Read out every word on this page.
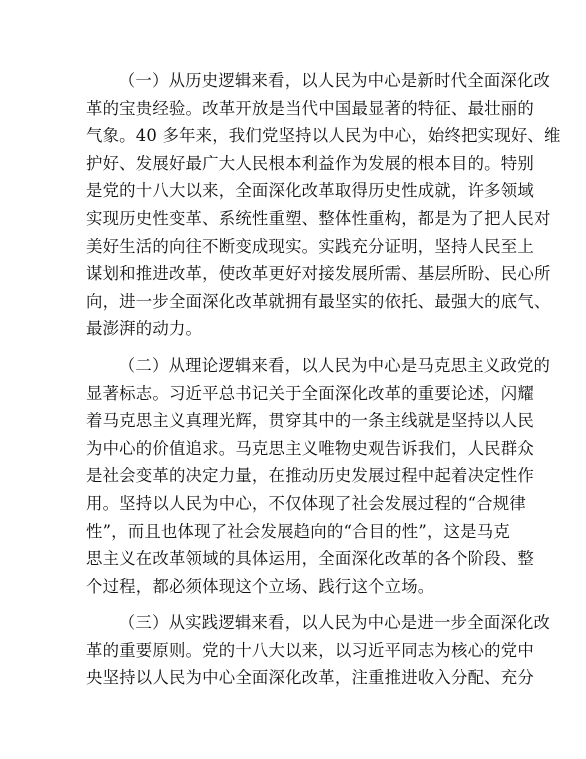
（一）从历史逻辑来看，以人民为中心是新时代全面深化改
革的宝贵经验。改革开放是当代中国最显著的特征、最壮丽的
气象。40 多年来，我们党坚持以人民为中心，始终把实现好、维
护好、发展好最广大人民根本利益作为发展的根本目的。特别
是党的十八大以来，全面深化改革取得历史性成就，许多领域
实现历史性变革、系统性重塑、整体性重构，都是为了把人民对
美好生活的向往不断变成现实。实践充分证明，坚持人民至上
谋划和推进改革，使改革更好对接发展所需、基层所盼、民心所
向，进一步全面深化改革就拥有最坚实的依托、最强大的底气、
最澎湃的动力。

（二）从理论逻辑来看，以人民为中心是马克思主义政党的
显著标志。习近平总书记关于全面深化改革的重要论述，闪耀
着马克思主义真理光辉，贯穿其中的一条主线就是坚持以人民
为中心的价值追求。马克思主义唯物史观告诉我们，人民群众
是社会变革的决定力量，在推动历史发展过程中起着决定性作
用。坚持以人民为中心，不仅体现了社会发展过程的“合规律
性”，而且也体现了社会发展趋向的“合目的性”，这是马克
思主义在改革领域的具体运用，全面深化改革的各个阶段、整
个过程，都必须体现这个立场、践行这个立场。

（三）从实践逻辑来看，以人民为中心是进一步全面深化改
革的重要原则。党的十八大以来，以习近平同志为核心的党中
央坚持以人民为中心全面深化改革，注重推进收入分配、充分
